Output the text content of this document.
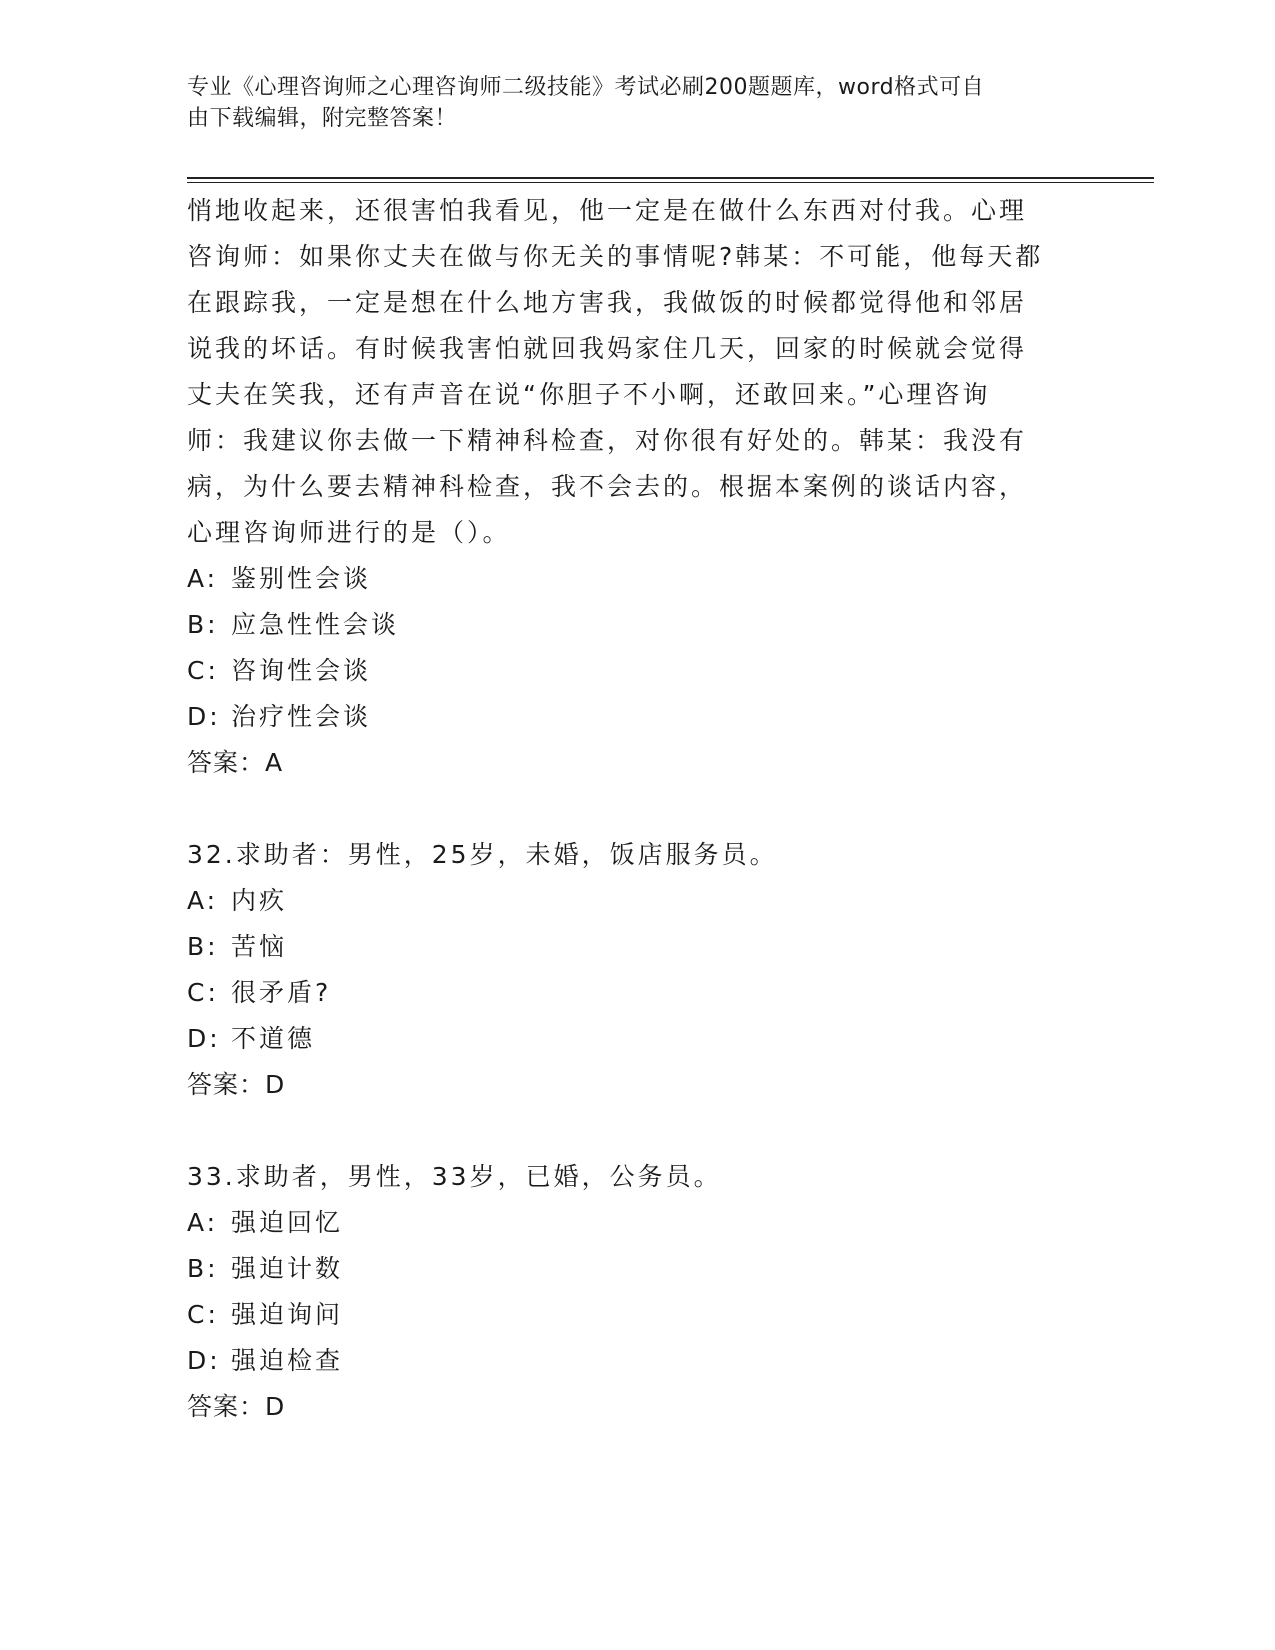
专业《心理咨询师之心理咨询师二级技能》考试必刷200题题库，word格式可自
由下载编辑，附完整答案！
悄地收起来，还很害怕我看见，他一定是在做什么东西对付我。心理
咨询师：如果你丈夫在做与你无关的事情呢?韩某：不可能，他每天都
在跟踪我，一定是想在什么地方害我，我做饭的时候都觉得他和邻居
说我的坏话。有时候我害怕就回我妈家住几天，回家的时候就会觉得
丈夫在笑我，还有声音在说“你胆子不小啊，还敢回来。”心理咨询
师：我建议你去做一下精神科检查，对你很有好处的。韩某：我没有
病，为什么要去精神科检查，我不会去的。根据本案例的谈话内容，
心理咨询师进行的是（）。
A: 鉴别性会谈
B: 应急性性会谈
C: 咨询性会谈
D: 治疗性会谈
答案：A
32.求助者：男性，25岁，未婚，饭店服务员。
A: 内疚
B: 苦恼
C: 很矛盾?
D: 不道德
答案：D
33.求助者，男性，33岁，已婚，公务员。
A: 强迫回忆
B: 强迫计数
C: 强迫询问
D: 强迫检查
答案：D
